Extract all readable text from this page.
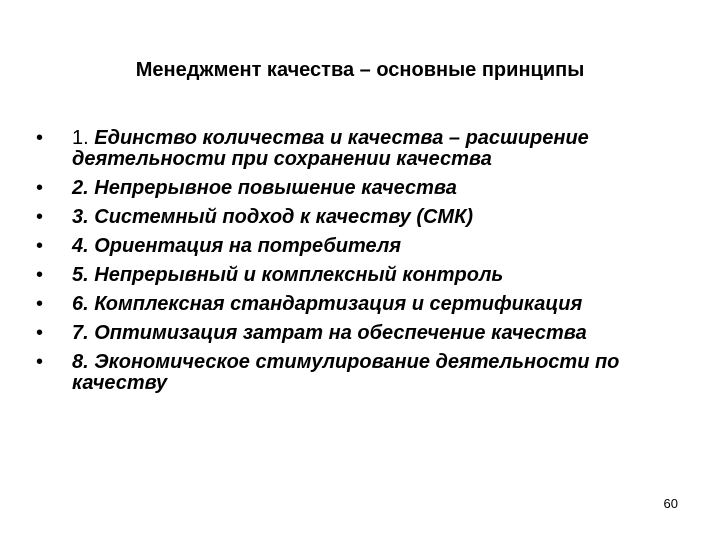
Менеджмент качества – основные принципы
• 1. Единство количества и качества – расширение деятельности при сохранении качества
• 2. Непрерывное повышение качества
• 3. Системный подход к качеству (СМК)
• 4. Ориентация на потребителя
• 5. Непрерывный и комплексный контроль
• 6. Комплексная стандартизация и сертификация
• 7. Оптимизация затрат на обеспечение качества
• 8. Экономическое стимулирование деятельности по качеству
60
